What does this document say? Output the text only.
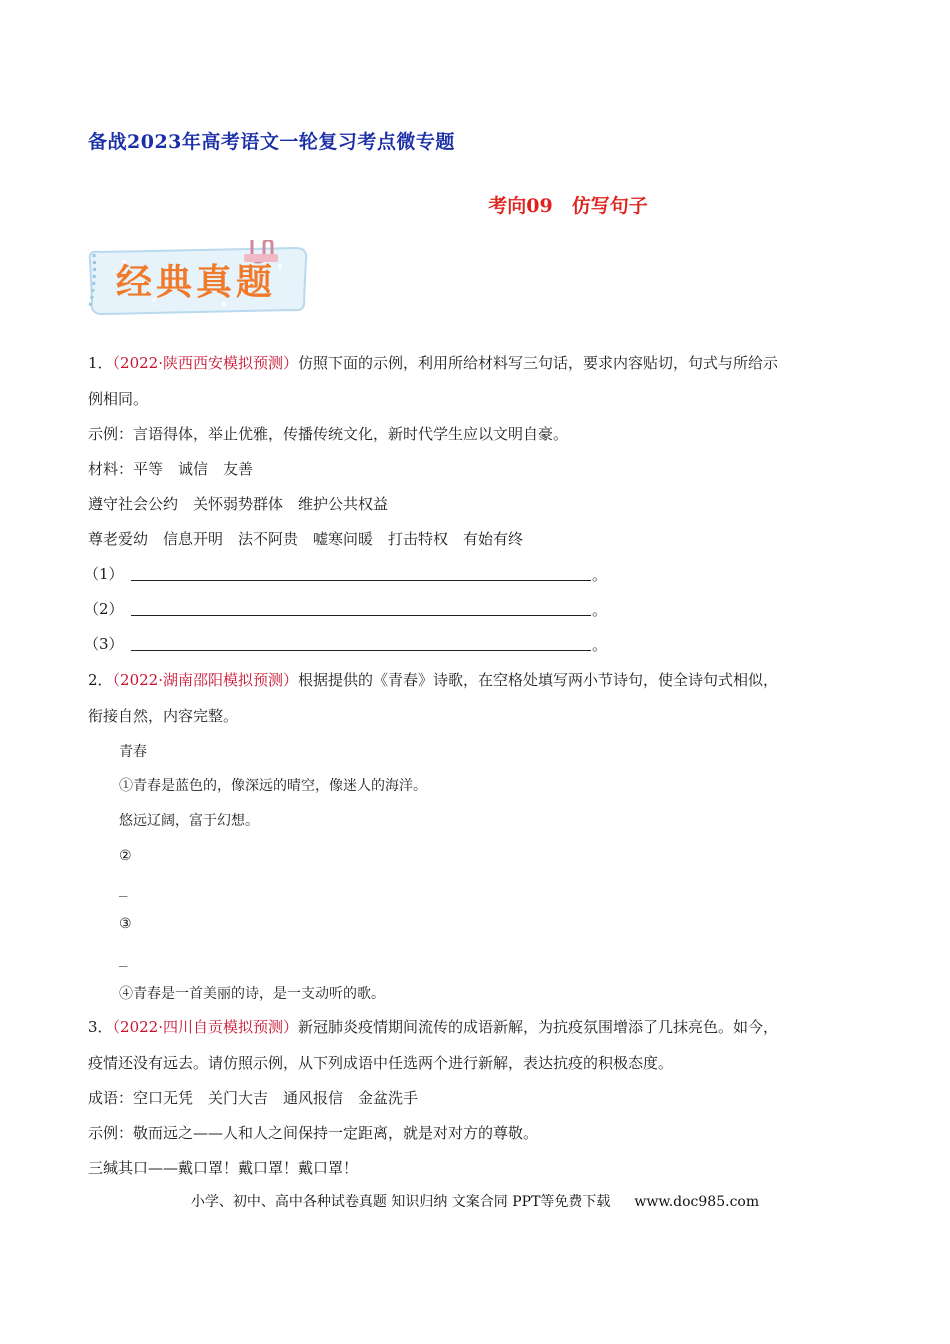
备战2023年高考语文一轮复习考点微专题
考向09　仿写句子
经典真题
1．（2022·陕西西安模拟预测）仿照下面的示例，利用所给材料写三句话，要求内容贴切，句式与所给示
例相同。
示例：言语得体，举止优雅，传播传统文化，新时代学生应以文明自豪。
材料：平等　诚信　友善
遵守社会公约　关怀弱势群体　维护公共权益
尊老爱幼　信息开明　法不阿贵　嘘寒问暖　打击特权　有始有终
（1）	。
（2）	。
（3）	。
2．（2022·湖南邵阳模拟预测）根据提供的《青春》诗歌，在空格处填写两小节诗句，使全诗句式相似，
衔接自然，内容完整。
青春
①青春是蓝色的，像深远的晴空，像迷人的海洋。
悠远辽阔，富于幻想。
②
_
③
_
④青春是一首美丽的诗，是一支动听的歌。
3．（2022·四川自贡模拟预测）新冠肺炎疫情期间流传的成语新解，为抗疫氛围增添了几抹亮色。如今，
疫情还没有远去。请仿照示例，从下列成语中任选两个进行新解，表达抗疫的积极态度。
成语：空口无凭　关门大吉　通风报信　金盆洗手
示例：敬而远之——人和人之间保持一定距离，就是对对方的尊敬。
三缄其口——戴口罩！戴口罩！戴口罩！
小学、初中、高中各种试卷真题 知识归纳 文案合同 PPT等免费下载 www.doc985.com
